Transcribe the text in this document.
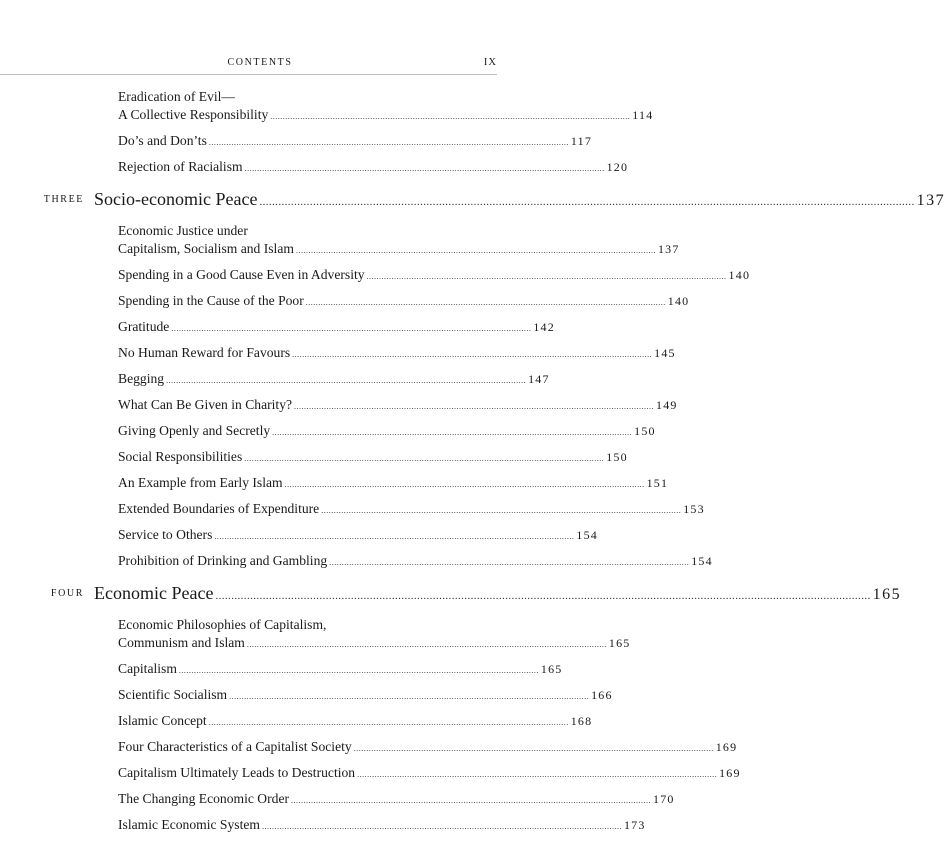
CONTENTS	IX
Eradication of Evil—
A Collective Responsibility ................................................................................................................................................ 114
Do’s and Don’ts ................................................................................................................................................ 117
Rejection of Racialism ................................................................................................................................................ 120
THREE Socio-economic Peace ................................................................................................................................................................................................................ 137
Economic Justice under
Capitalism, Socialism and Islam ................................................................................................................................................ 137
Spending in a Good Cause Even in Adversity ................................................................................................................................................ 140
Spending in the Cause of the Poor ................................................................................................................................................ 140
Gratitude ................................................................................................................................................ 142
No Human Reward for Favours ................................................................................................................................................ 145
Begging ................................................................................................................................................ 147
What Can Be Given in Charity? ................................................................................................................................................ 149
Giving Openly and Secretly ................................................................................................................................................ 150
Social Responsibilities ................................................................................................................................................ 150
An Example from Early Islam ................................................................................................................................................ 151
Extended Boundaries of Expenditure ................................................................................................................................................ 153
Service to Others ................................................................................................................................................ 154
Prohibition of Drinking and Gambling ................................................................................................................................................ 154
FOUR Economic Peace ................................................................................................................................................................................................................ 165
Economic Philosophies of Capitalism,
Communism and Islam ................................................................................................................................................ 165
Capitalism ................................................................................................................................................ 165
Scientific Socialism ................................................................................................................................................ 166
Islamic Concept ................................................................................................................................................ 168
Four Characteristics of a Capitalist Society ................................................................................................................................................ 169
Capitalism Ultimately Leads to Destruction ................................................................................................................................................ 169
The Changing Economic Order ................................................................................................................................................ 170
Islamic Economic System ................................................................................................................................................ 173
